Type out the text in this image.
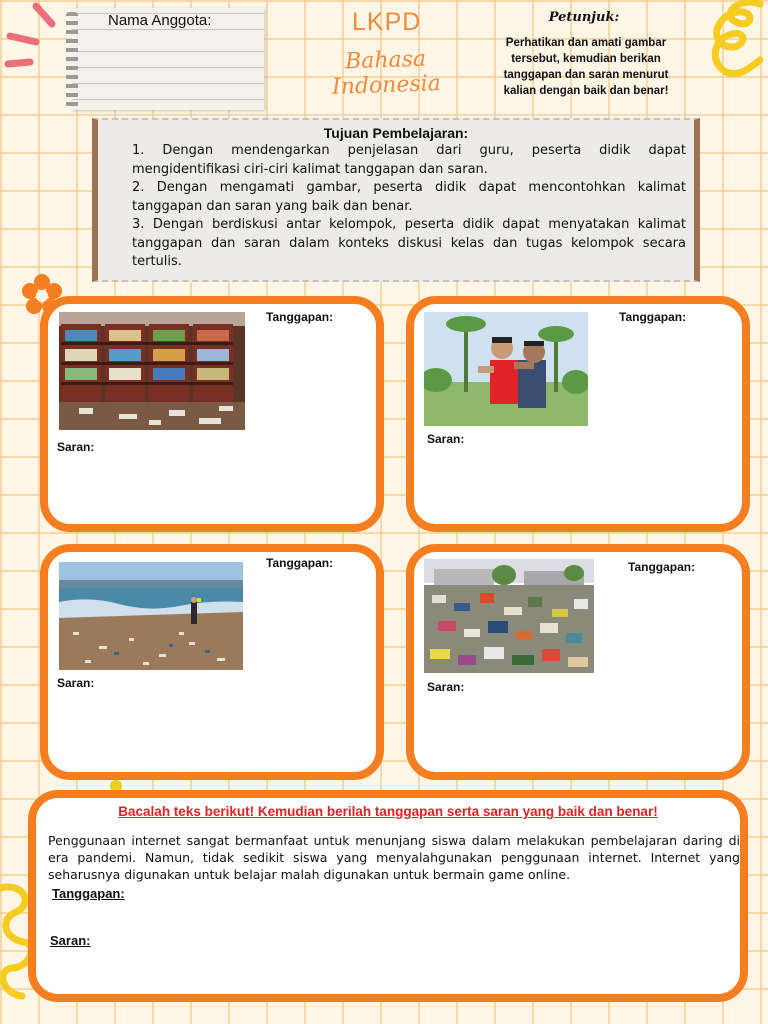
Nama Anggota:	LKPD
Bahasa Indonesia
Petunjuk:
Perhatikan dan amati gambar tersebut, kemudian berikan tanggapan dan saran menurut kalian dengan baik dan benar!
Tujuan Pembelajaran:

1. Dengan mendengarkan penjelasan dari guru, peserta didik dapat mengidentifikasi ciri-ciri kalimat tanggapan dan saran.

2. Dengan mengamati gambar, peserta didik dapat mencontohkan kalimat tanggapan dan saran yang baik dan benar.

3. Dengan berdiskusi antar kelompok, peserta didik dapat menyatakan kalimat tanggapan dan saran dalam konteks diskusi kelas dan tugas kelompok secara tertulis.

Tanggapan:
Saran:
Tanggapan:
Saran:
Tanggapan:
Saran:
Tanggapan:
Saran:
Bacalah teks berikut! Kemudian berilah tanggapan serta saran yang baik dan benar!
Penggunaan internet sangat bermanfaat untuk menunjang siswa dalam melakukan pembelajaran daring di era pandemi. Namun, tidak sedikit siswa yang menyalahgunakan penggunaan internet. Internet yang seharusnya digunakan untuk belajar malah digunakan untuk bermain game online.
Tanggapan:
Saran:
